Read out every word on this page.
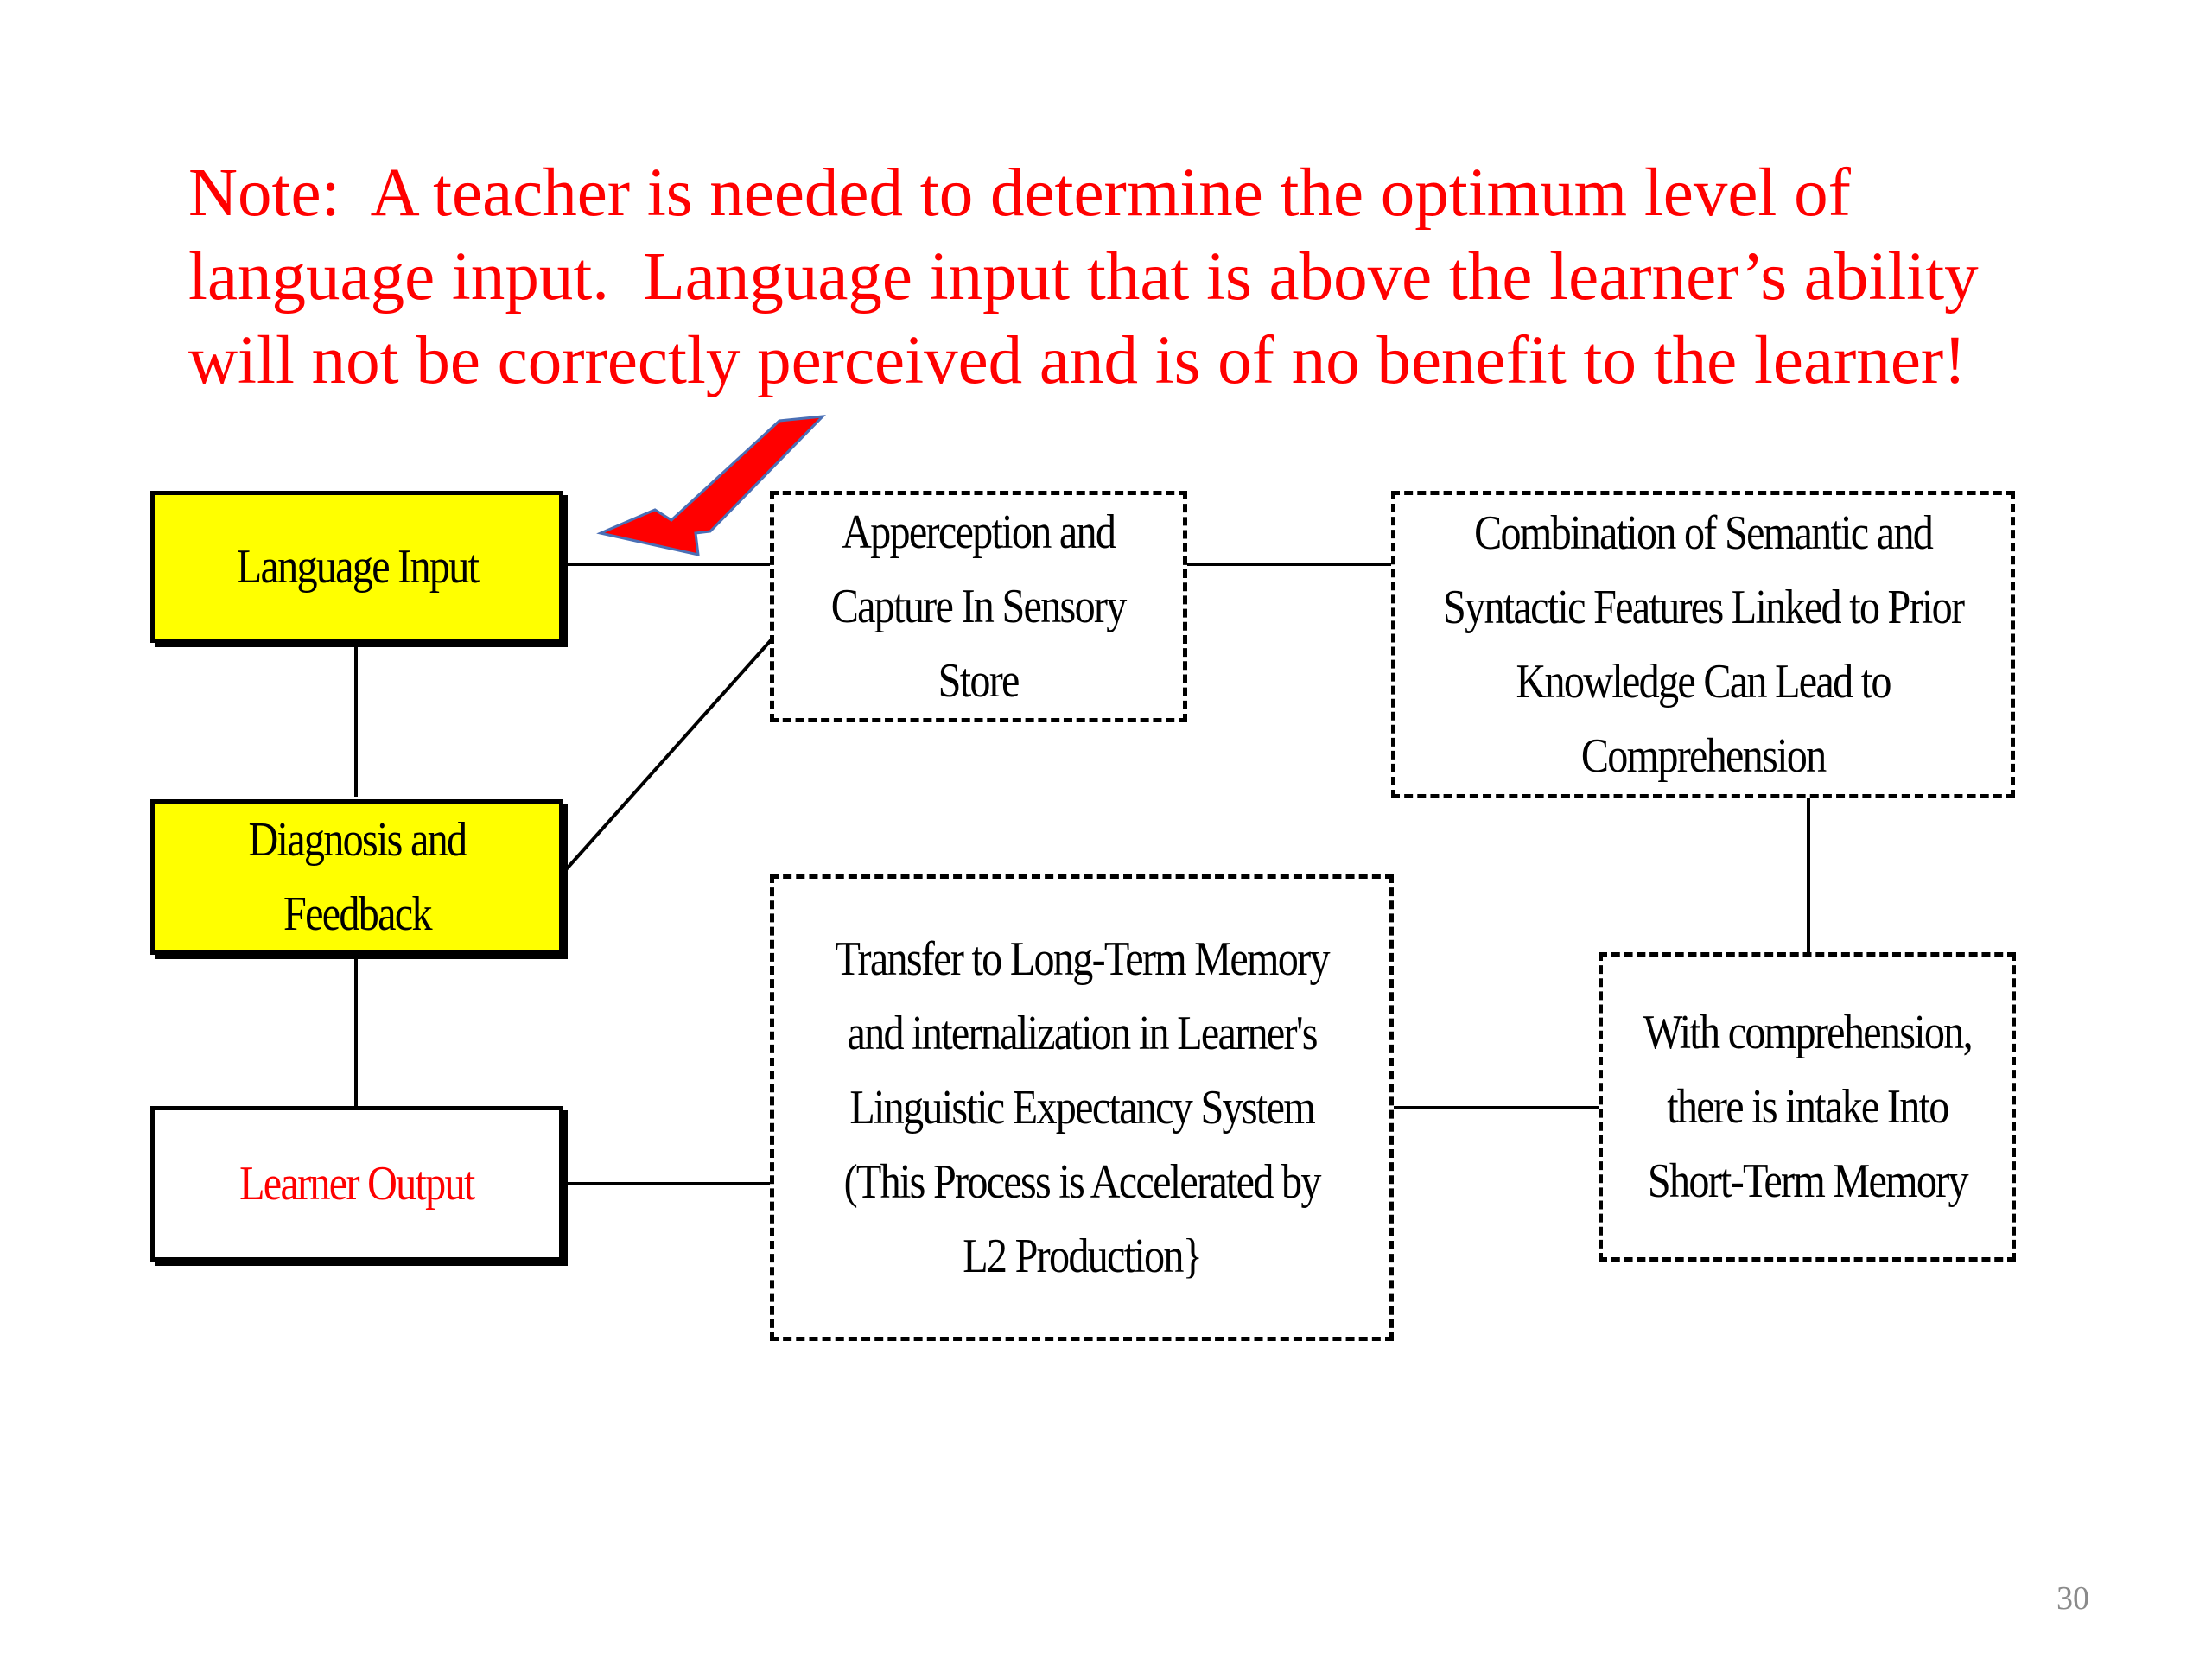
Note:  A teacher is needed to determine the optimum level of
language input.  Language input that is above the learner’s ability
will not be correctly perceived and is of no benefit to the learner!
Language Input
Diagnosis and
Feedback
Learner Output
Apperception and
Capture In Sensory
Store
Combination of Semantic and
Syntactic Features Linked to Prior
Knowledge Can Lead to
Comprehension
Transfer to Long-Term Memory
and internalization in Learner's
Linguistic Expectancy System
(This Process is Accelerated by
L2 Production}
With comprehension,
there is intake Into
Short-Term Memory
30
